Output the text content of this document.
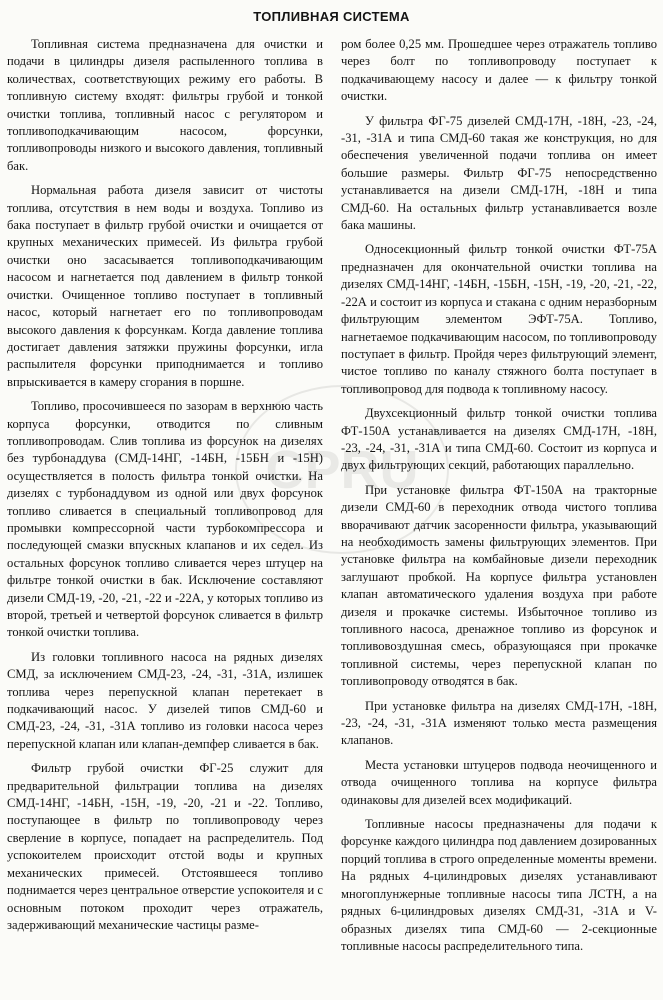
ТОПЛИВНАЯ СИСТЕМА
CPRU

Топливная система предназначена для очистки и подачи в цилиндры дизеля распыленного топлива в количествах, соответствующих режиму его работы. В топливную систему входят: фильтры грубой и тонкой очистки топлива, топливный насос с регулятором и топливоподкачивающим насосом, форсунки, топливопроводы низкого и высокого давления, топливный бак.

Нормальная работа дизеля зависит от чистоты топлива, отсутствия в нем воды и воздуха. Топливо из бака поступает в фильтр грубой очистки и очищается от крупных механических примесей. Из фильтра грубой очистки оно засасывается топливоподкачивающим насосом и нагнетается под давлением в фильтр тонкой очистки. Очищенное топливо поступает в топливный насос, который нагнетает его по топливопроводам высокого давления к форсункам. Когда давление топлива достигает давления затяжки пружины форсунки, игла распылителя форсунки приподнимается и топливо впрыскивается в камеру сгорания в поршне.

Топливо, просочившееся по зазорам в верхнюю часть корпуса форсунки, отводится по сливным топливопроводам. Слив топлива из форсунок на дизелях без турбонаддува (СМД-14НГ, -14БН, -15БН и -15Н) осуществляется в полость фильтра тонкой очистки. На дизелях с турбонаддувом из одной или двух форсунок топливо сливается в специальный топливопровод для промывки компрессорной части турбокомпрессора и последующей смазки впускных клапанов и их седел. Из остальных форсунок топливо сливается через штуцер на фильтре тонкой очистки в бак. Исключение составляют дизели СМД-19, -20, -21, -22 и -22А, у которых топливо из второй, третьей и четвертой форсунок сливается в фильтр тонкой очистки топлива.

Из головки топливного насоса на рядных дизелях СМД, за исключением СМД-23, -24, -31, -31А, излишек топлива через перепускной клапан перетекает в подкачивающий насос. У дизелей типов СМД-60 и СМД-23, -24, -31, -31А топливо из головки насоса через перепускной клапан или клапан-демпфер сливается в бак.

Фильтр грубой очистки ФГ-25 служит для предварительной фильтрации топлива на дизелях СМД-14НГ, -14БН, -15Н, -19, -20, -21 и -22. Топливо, поступающее в фильтр по топливопроводу через сверление в корпусе, попадает на распределитель. Под успокоителем происходит отстой воды и крупных механических примесей. Отстоявшееся топливо поднимается через центральное отверстие успокоителя и с основным потоком проходит через отражатель, задерживающий механические частицы разме-

ром более 0,25 мм. Прошедшее через отражатель топливо через болт по топливопроводу поступает к подкачивающему насосу и далее — к фильтру тонкой очистки.

У фильтра ФГ-75 дизелей СМД-17Н, -18Н, -23, -24, -31, -31А и типа СМД-60 такая же конструкция, но для обеспечения увеличенной подачи топлива он имеет большие размеры. Фильтр ФГ-75 непосредственно устанавливается на дизели СМД-17Н, -18Н и типа СМД-60. На остальных фильтр устанавливается возле бака машины.

Односекционный фильтр тонкой очистки ФТ-75А предназначен для окончательной очистки топлива на дизелях СМД-14НГ, -14БН, -15БН, -15Н, -19, -20, -21, -22, -22А и состоит из корпуса и стакана с одним неразборным фильтрующим элементом ЭФТ-75А. Топливо, нагнетаемое подкачивающим насосом, по топливопроводу поступает в фильтр. Пройдя через фильтрующий элемент, чистое топливо по каналу стяжного болта поступает в топливопровод для подвода к топливному насосу.

Двухсекционный фильтр тонкой очистки топлива ФТ-150А устанавливается на дизелях СМД-17Н, -18Н, -23, -24, -31, -31А и типа СМД-60. Состоит из корпуса и двух фильтрующих секций, работающих параллельно.

При установке фильтра ФТ-150А на тракторные дизели СМД-60 в переходник отвода чистого топлива вворачивают датчик засоренности фильтра, указывающий на необходимость замены фильтрующих элементов. При установке фильтра на комбайновые дизели переходник заглушают пробкой. На корпусе фильтра установлен клапан автоматического удаления воздуха при работе дизеля и прокачке системы. Избыточное топливо из топливного насоса, дренажное топливо из форсунок и топливовоздушная смесь, образующаяся при прокачке топливной системы, через перепускной клапан по топливопроводу отводятся в бак.

При установке фильтра на дизелях СМД-17Н, -18Н, -23, -24, -31, -31А изменяют только места размещения клапанов.

Места установки штуцеров подвода неочищенного и отвода очищенного топлива на корпусе фильтра одинаковы для дизелей всех модификаций.

Топливные насосы предназначены для подачи к форсунке каждого цилиндра под давлением дозированных порций топлива в строго определенные моменты времени. На рядных 4-цилиндровых дизелях устанавливают многоплунжерные топливные насосы типа ЛСТН, а на рядных 6-цилиндровых дизелях СМД-31, -31А и V-образных дизелях типа СМД-60 — 2-секционные топливные насосы распределительного типа.
